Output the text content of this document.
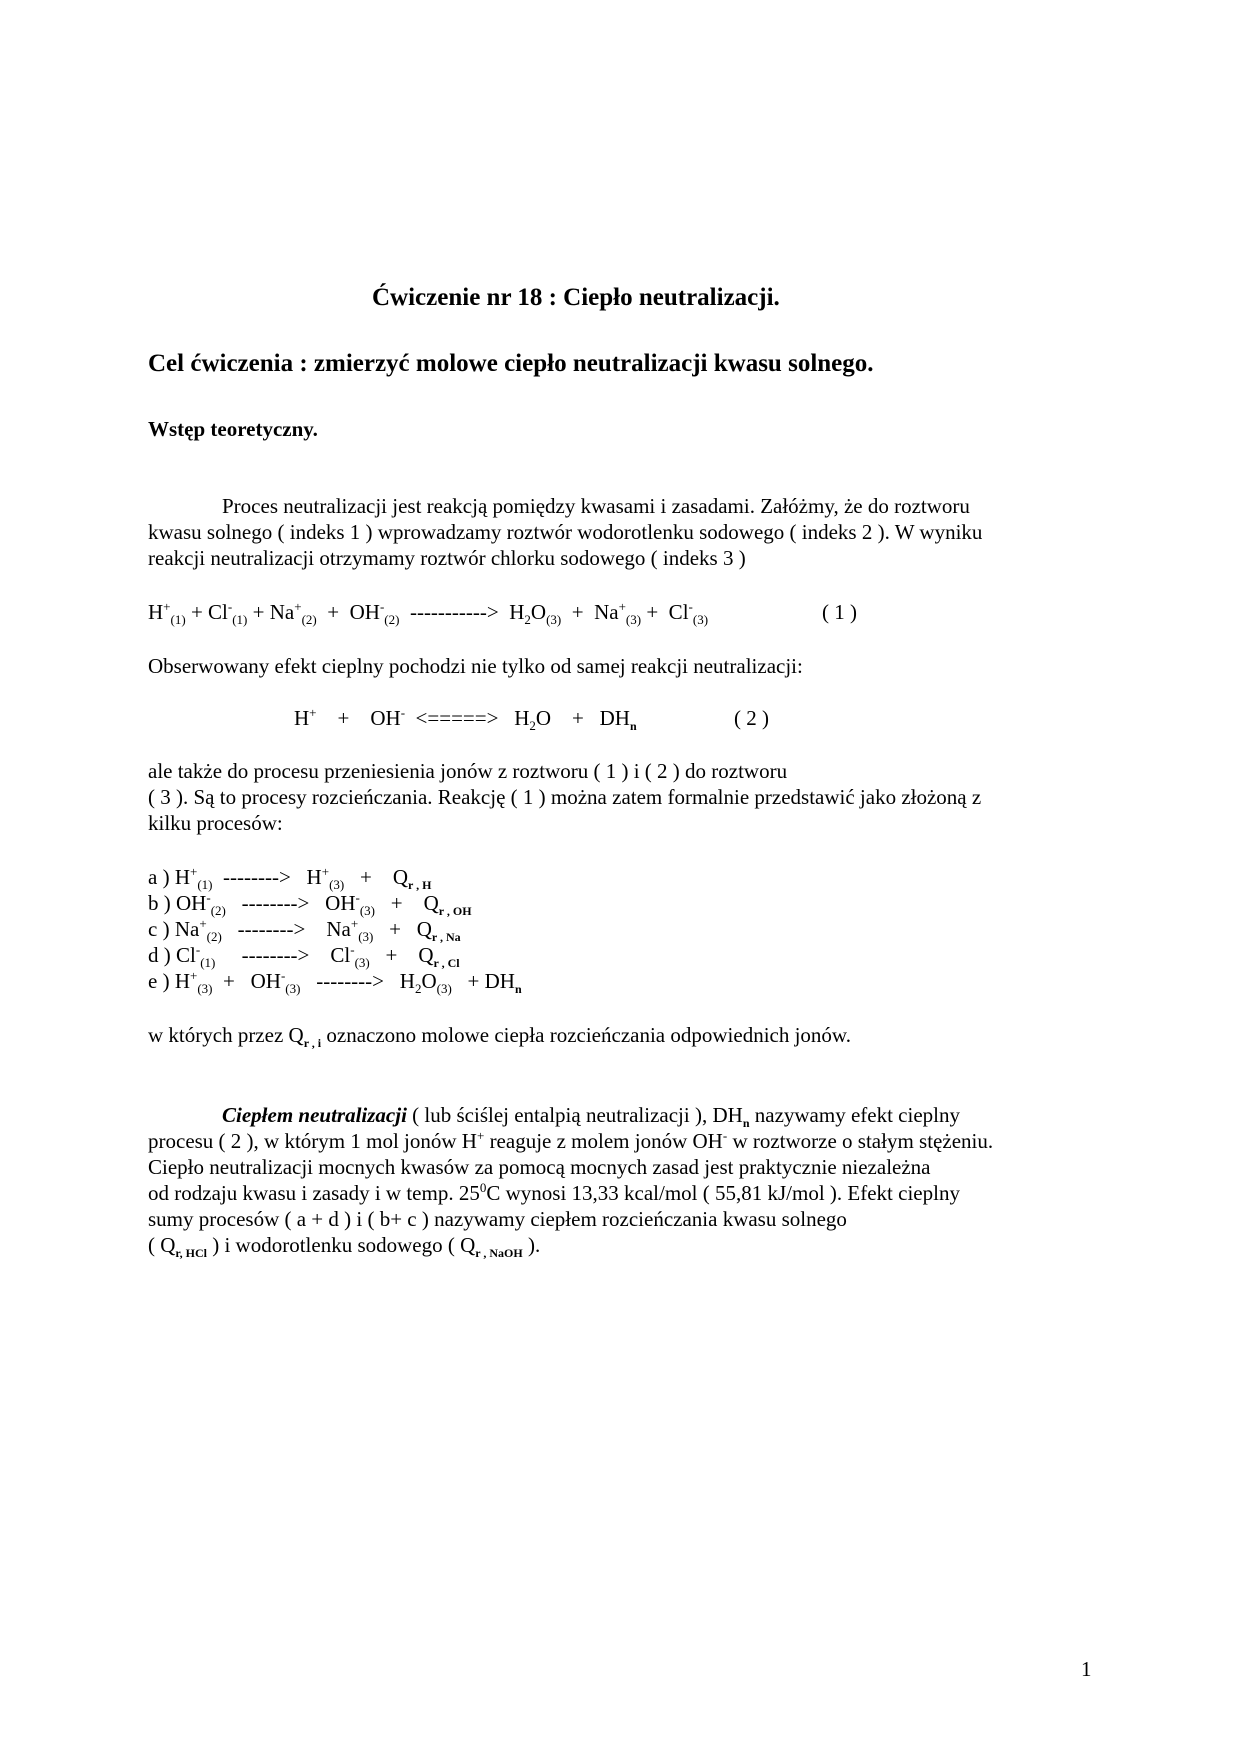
Ćwiczenie nr 18 : Ciepło neutralizacji.
Cel ćwiczenia : zmierzyć molowe ciepło neutralizacji kwasu solnego.
Wstęp teoretyczny.
Proces neutralizacji jest reakcją pomiędzy kwasami i zasadami. Załóżmy, że do roztworu
kwasu solnego ( indeks 1 ) wprowadzamy roztwór wodorotlenku sodowego ( indeks 2 ). W wyniku
reakcji neutralizacji otrzymamy roztwór chlorku sodowego ( indeks 3 )
$H^+_{(1)} + Cl^-_{(1)} + Na^+_{(2)} + OH^-_{(2)}$  ----------->  $H_2O_{(3)} + Na^+_{(3)} + Cl^-_{(3)}$	( 1 )
Obserwowany efekt cieplny pochodzi nie tylko od samej reakcji neutralizacji:
H+    +    OH-  <=====>   $H_2O$    +   $DH_n$	( 2 )
ale także do procesu przeniesienia jonów z roztworu ( 1 ) i ( 2 ) do roztworu
( 3 ). Są to procesy rozcieńczania. Reakcję ( 1 ) można zatem formalnie przedstawić jako złożoną z
kilku procesów:
a ) $H^+_{(1)}$  -------->   $H^+_{(3)}$   +    $Q_{r , H}$
b ) $OH^-_{(2)}$   -------->   $OH^-_{(3)}$   +    $Q_{r , OH}$
c ) $Na^+_{(2)}$   -------->    $Na^+_{(3)} + Q_{r , Na}$
d ) $Cl^-_{(1)}$     -------->    $Cl^-_{(3)}$   +    $Q_{r , Cl}$
e ) $H^+_{(3)} + OH^-_{(3)}$   -------->   $H_2O_{(3)} + DH_n$
w których przez $Q_{r , i}$ oznaczono molowe ciepła rozcieńczania odpowiednich jonów.
Ciepłem neutralizacji ( lub ściślej entalpią neutralizacji ), $DH_n$ nazywamy efekt cieplny
procesu ( 2 ), w którym 1 mol jonów H+ reaguje z molem jonów OH- w roztworze o stałym stężeniu.
Ciepło neutralizacji mocnych kwasów za pomocą mocnych zasad jest praktycznie niezależna
od rodzaju kwasu i zasady i w temp. $25^0C$ wynosi 13,33 kcal/mol ( 55,81 kJ/mol ). Efekt cieplny
sumy procesów ( a + d ) i ( b+ c ) nazywamy ciepłem rozcieńczania kwasu solnego
( $Q_{r, HCl}$ ) i wodorotlenku sodowego ( $Q_{r , NaOH}$ ).
1
